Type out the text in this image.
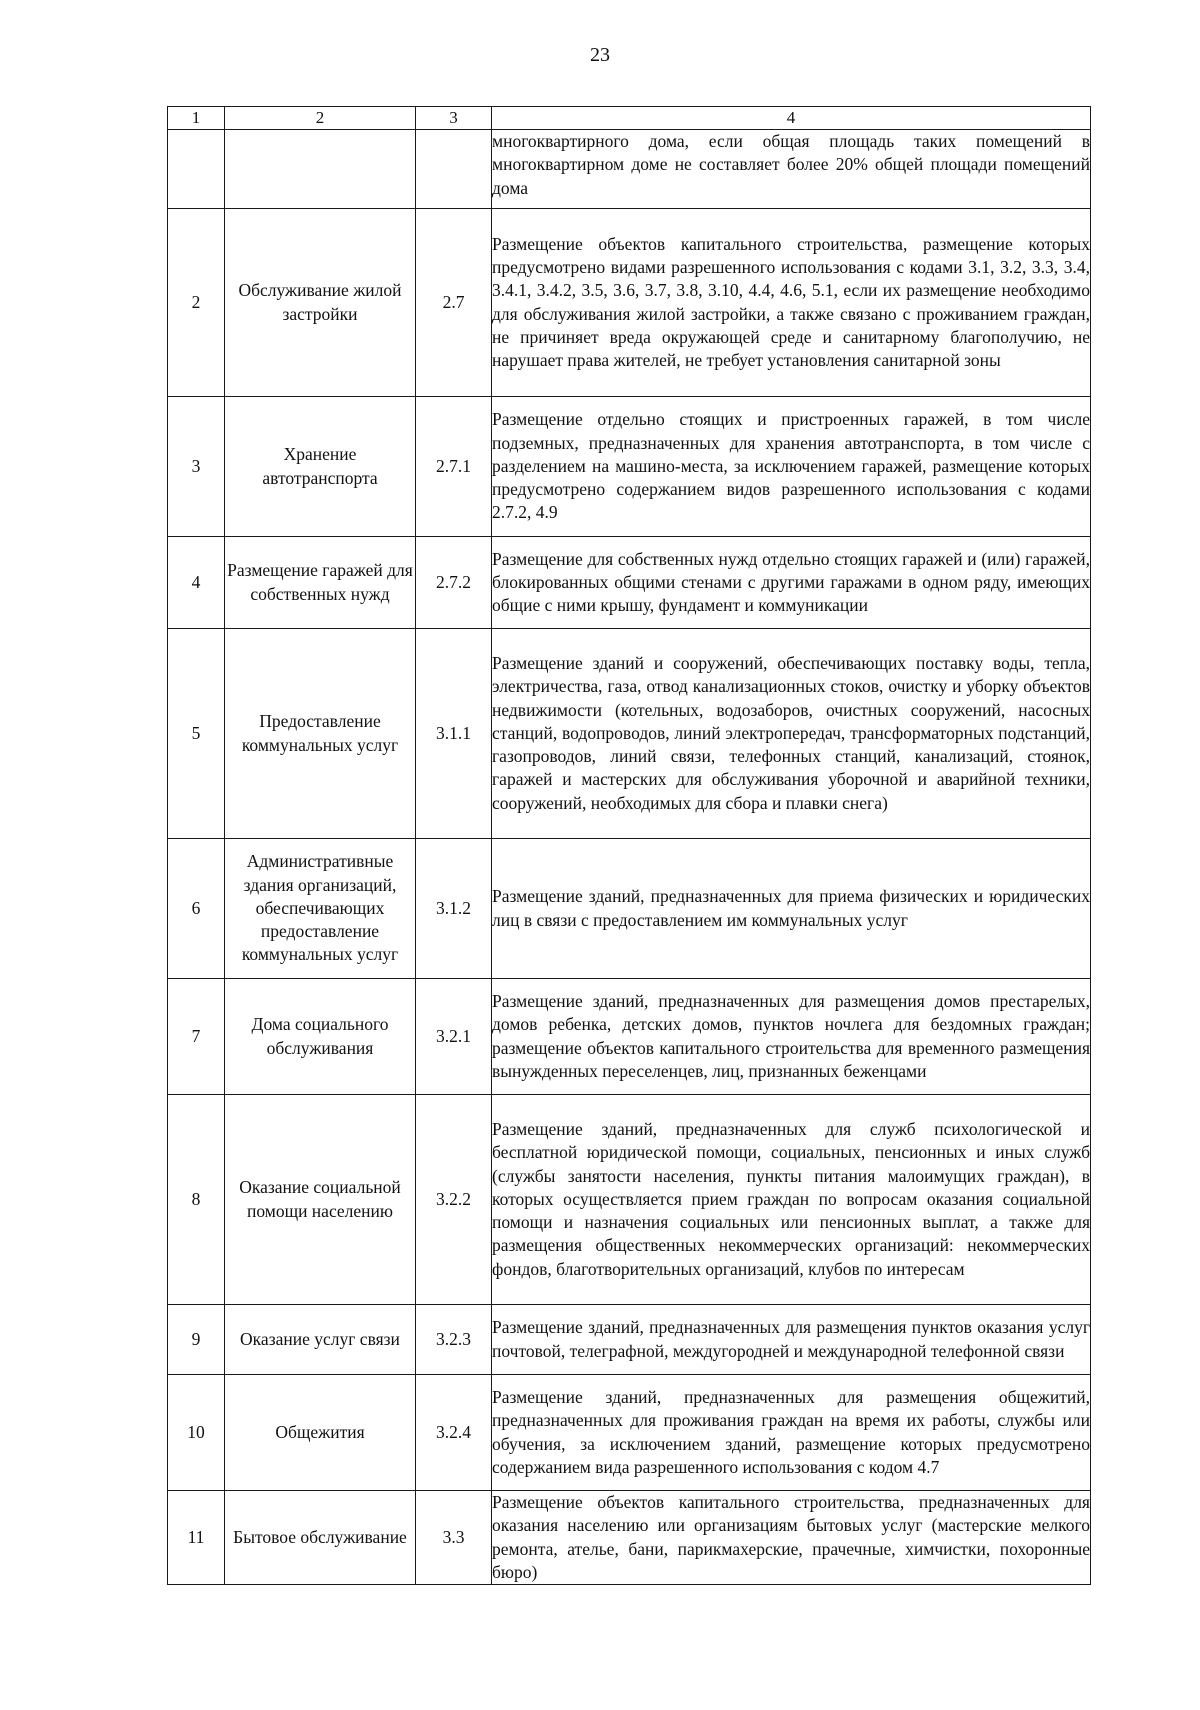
23
1	2	3	4
			многоквартирного дома, если общая площадь таких помещений в многоквартирном доме не составляет более 20% общей площади помещений дома
2	Обслуживание жилой застройки	2.7	Размещение объектов капитального строительства, размещение которых предусмотрено видами разрешенного использования с кодами 3.1, 3.2, 3.3, 3.4, 3.4.1, 3.4.2, 3.5, 3.6, 3.7, 3.8, 3.10, 4.4, 4.6, 5.1, если их размещение необходимо для обслуживания жилой застройки, а также связано с проживанием граждан, не причиняет вреда окружающей среде и санитарному благополучию, не нарушает права жителей, не требует установления санитарной зоны
3	Хранение автотранспорта	2.7.1	Размещение отдельно стоящих и пристроенных гаражей, в том числе подземных, предназначенных для хранения автотранспорта, в том числе с разделением на машино-места, за исключением гаражей, размещение которых предусмотрено содержанием видов разрешенного использования с кодами 2.7.2, 4.9
4	Размещение гаражей для собственных нужд	2.7.2	Размещение для собственных нужд отдельно стоящих гаражей и (или) гаражей, блокированных общими стенами с другими гаражами в одном ряду, имеющих общие с ними крышу, фундамент и коммуникации
5	Предоставление коммунальных услуг	3.1.1	Размещение зданий и сооружений, обеспечивающих поставку воды, тепла, электричества, газа, отвод канализационных стоков, очистку и уборку объектов недвижимости (котельных, водозаборов, очистных сооружений, насосных станций, водопроводов, линий электропередач, трансформаторных подстанций, газопроводов, линий связи, телефонных станций, канализаций, стоянок, гаражей и мастерских для обслуживания уборочной и аварийной техники, сооружений, необходимых для сбора и плавки снега)
6	Административные здания организаций, обеспечивающих предоставление коммунальных услуг	3.1.2	Размещение зданий, предназначенных для приема физических и юридических лиц в связи с предоставлением им коммунальных услуг
7	Дома социального обслуживания	3.2.1	Размещение зданий, предназначенных для размещения домов престарелых, домов ребенка, детских домов, пунктов ночлега для бездомных граждан; размещение объектов капитального строительства для временного размещения вынужденных переселенцев, лиц, признанных беженцами
8	Оказание социальной помощи населению	3.2.2	Размещение зданий, предназначенных для служб психологической и бесплатной юридической помощи, социальных, пенсионных и иных служб (службы занятости населения, пункты питания малоимущих граждан), в которых осуществляется прием граждан по вопросам оказания социальной помощи и назначения социальных или пенсионных выплат, а также для размещения общественных некоммерческих организаций: некоммерческих фондов, благотворительных организаций, клубов по интересам
9	Оказание услуг связи	3.2.3	Размещение зданий, предназначенных для размещения пунктов оказания услуг почтовой, телеграфной, междугородней и международной телефонной связи
10	Общежития	3.2.4	Размещение зданий, предназначенных для размещения общежитий, предназначенных для проживания граждан на время их работы, службы или обучения, за исключением зданий, размещение которых предусмотрено содержанием вида разрешенного использования с кодом 4.7
11	Бытовое обслуживание	3.3	Размещение объектов капитального строительства, предназначенных для оказания населению или организациям бытовых услуг (мастерские мелкого ремонта, ателье, бани, парикмахерские, прачечные, химчистки, похоронные бюро)
